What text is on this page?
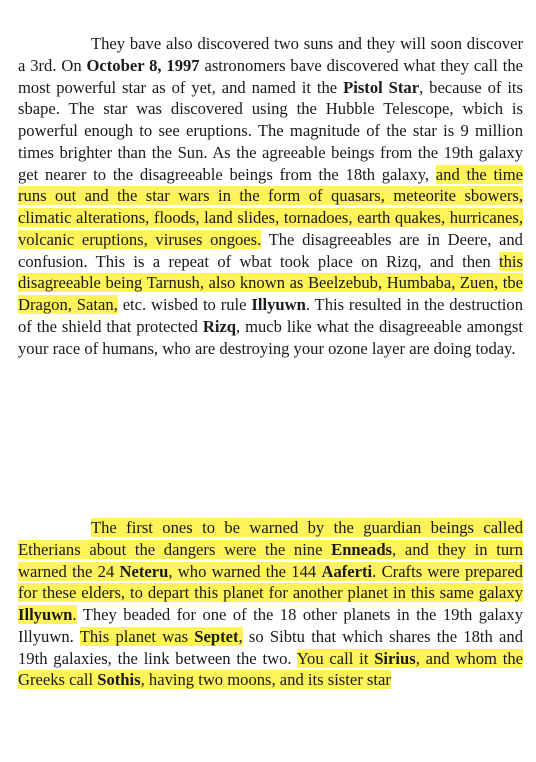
They bave also discovered two suns and they will soon discover a 3rd. On October 8, 1997 astronomers bave discovered what they call the most powerful star as of yet, and named it the Pistol Star, because of its sbape. The star was discovered using the Hubble Telescope, wbich is powerful enough to see eruptions. The magnitude of the star is 9 million times brighter than the Sun. As the agreeable beings from the 19th galaxy get nearer to the disagreeable beings from the 18th galaxy, and the time runs out and the star wars in the form of quasars, meteorite sbowers, climatic alterations, floods, land slides, tornadoes, earth quakes, hurricanes, volcanic eruptions, viruses ongoes. The disagreeables are in Deere, and confusion. This is a repeat of wbat took place on Rizq, and then this disagreeable being Tarnush, also known as Beelzebub, Humbaba, Zuen, tbe Dragon, Satan, etc. wisbed to rule Illyuwn. This resulted in the destruction of the shield that protected Rizq, mucb like what the disagreeable amongst your race of humans, who are destroying your ozone layer are doing today.

The first ones to be warned by the guardian beings called Etherians about the dangers were the nine Enneads, and they in turn warned the 24 Neteru, who warned the 144 Aaferti. Crafts were prepared for these elders, to depart this planet for another planet in this same galaxy Illyuwn. They beaded for one of the 18 other planets in the 19th galaxy Illyuwn. This planet was Septet, so Sibtu that which shares the 18th and 19th galaxies, the link between the two. You call it Sirius, and whom the Greeks call Sothis, having two moons, and its sister star
